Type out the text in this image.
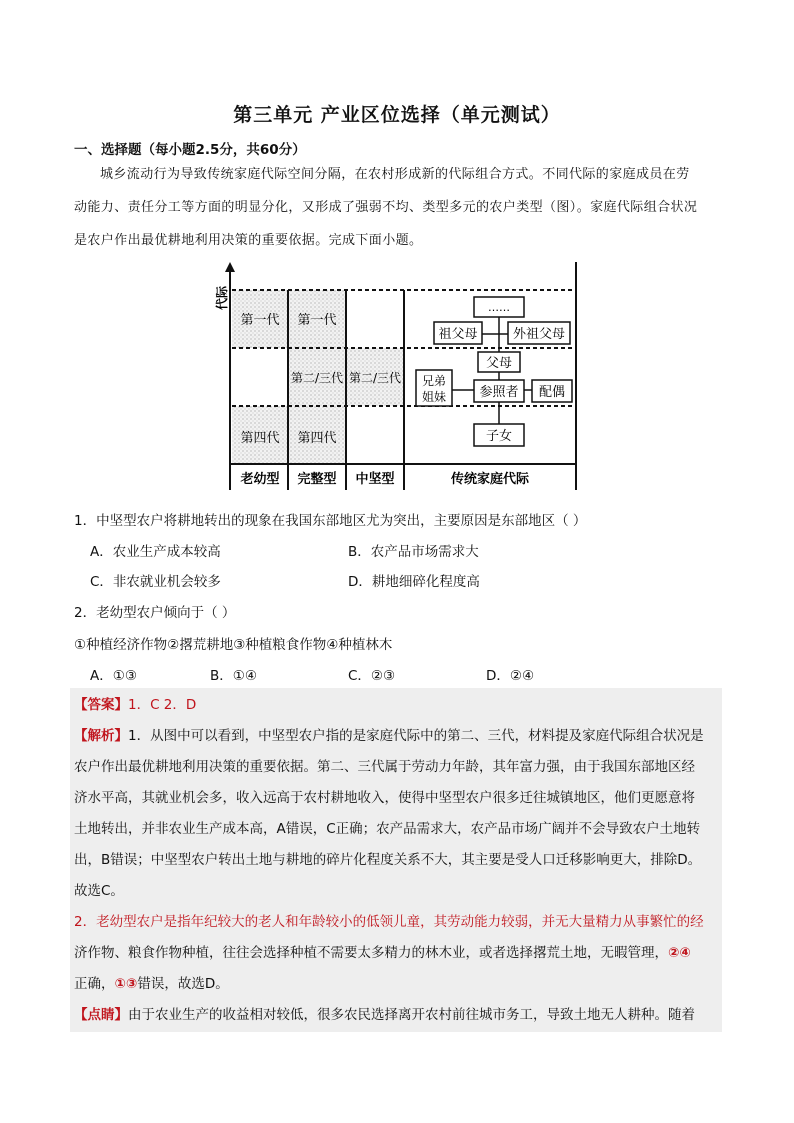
第三单元 产业区位选择（单元测试）
一、选择题（每小题2.5分，共60分）
城乡流动行为导致传统家庭代际空间分隔，在农村形成新的代际组合方式。不同代际的家庭成员在劳
动能力、责任分工等方面的明显分化，又形成了强弱不均、类型多元的农户类型（图）。家庭代际组合状况
是农户作出最优耕地利用决策的重要依据。完成下面小题。
代际
第一代 第一代
第二/三代 第二/三代
第四代 第四代
老幼型 完整型 中坚型	传统家庭代际
……
祖父母	外祖父母
父母
兄弟
姐妹	参照者 配偶
子女
1．中坚型农户将耕地转出的现象在我国东部地区尤为突出，主要原因是东部地区（ ）
A．农业生产成本较高	B．农产品市场需求大
C．非农就业机会较多	D．耕地细碎化程度高
2．老幼型农户倾向于（ ）
①种植经济作物②撂荒耕地③种植粮食作物④种植林木
A．①③	B．①④	C．②③	D．②④
【答案】1．C 2．D
【解析】1．从图中可以看到，中坚型农户指的是家庭代际中的第二、三代，材料提及家庭代际组合状况是
农户作出最优耕地利用决策的重要依据。第二、三代属于劳动力年龄，其年富力强，由于我国东部地区经
济水平高，其就业机会多，收入远高于农村耕地收入，使得中坚型农户很多迁往城镇地区，他们更愿意将
土地转出，并非农业生产成本高，A错误，C正确；农产品需求大，农产品市场广阔并不会导致农户土地转
出，B错误；中坚型农户转出土地与耕地的碎片化程度关系不大，其主要是受人口迁移影响更大，排除D。
故选C。
2．老幼型农户是指年纪较大的老人和年龄较小的低领儿童，其劳动能力较弱，并无大量精力从事繁忙的经
济作物、粮食作物种植，往往会选择种植不需要太多精力的林木业，或者选择撂荒土地，无暇管理，②④
正确，①③错误，故选D。
【点睛】由于农业生产的收益相对较低，很多农民选择离开农村前往城市务工，导致土地无人耕种。随着
